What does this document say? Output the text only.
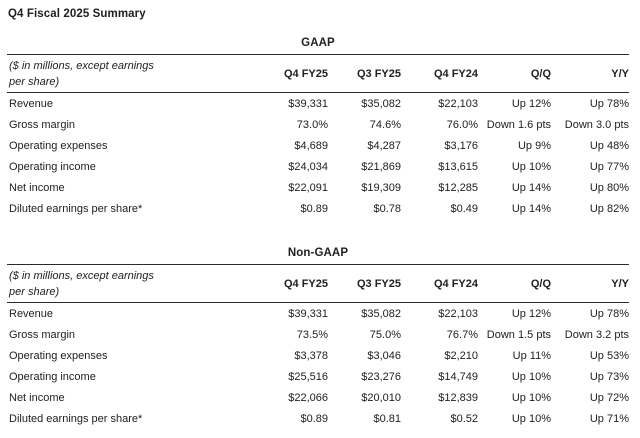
Q4 Fiscal 2025 Summary
GAAP
($ in millions, except earnings
per share)	Q4 FY25	Q3 FY25	Q4 FY24	Q/Q	Y/Y
Revenue	$39,331	$35,082	$22,103	Up 12%	Up 78%
Gross margin	73.0%	74.6%	76.0%	Down 1.6 pts	Down 3.0 pts
Operating expenses	$4,689	$4,287	$3,176	Up 9%	Up 48%
Operating income	$24,034	$21,869	$13,615	Up 10%	Up 77%
Net income	$22,091	$19,309	$12,285	Up 14%	Up 80%
Diluted earnings per share*	$0.89	$0.78	$0.49	Up 14%	Up 82%
Non-GAAP
($ in millions, except earnings
per share)	Q4 FY25	Q3 FY25	Q4 FY24	Q/Q	Y/Y
Revenue	$39,331	$35,082	$22,103	Up 12%	Up 78%
Gross margin	73.5%	75.0%	76.7%	Down 1.5 pts	Down 3.2 pts
Operating expenses	$3,378	$3,046	$2,210	Up 11%	Up 53%
Operating income	$25,516	$23,276	$14,749	Up 10%	Up 73%
Net income	$22,066	$20,010	$12,839	Up 10%	Up 72%
Diluted earnings per share*	$0.89	$0.81	$0.52	Up 10%	Up 71%
